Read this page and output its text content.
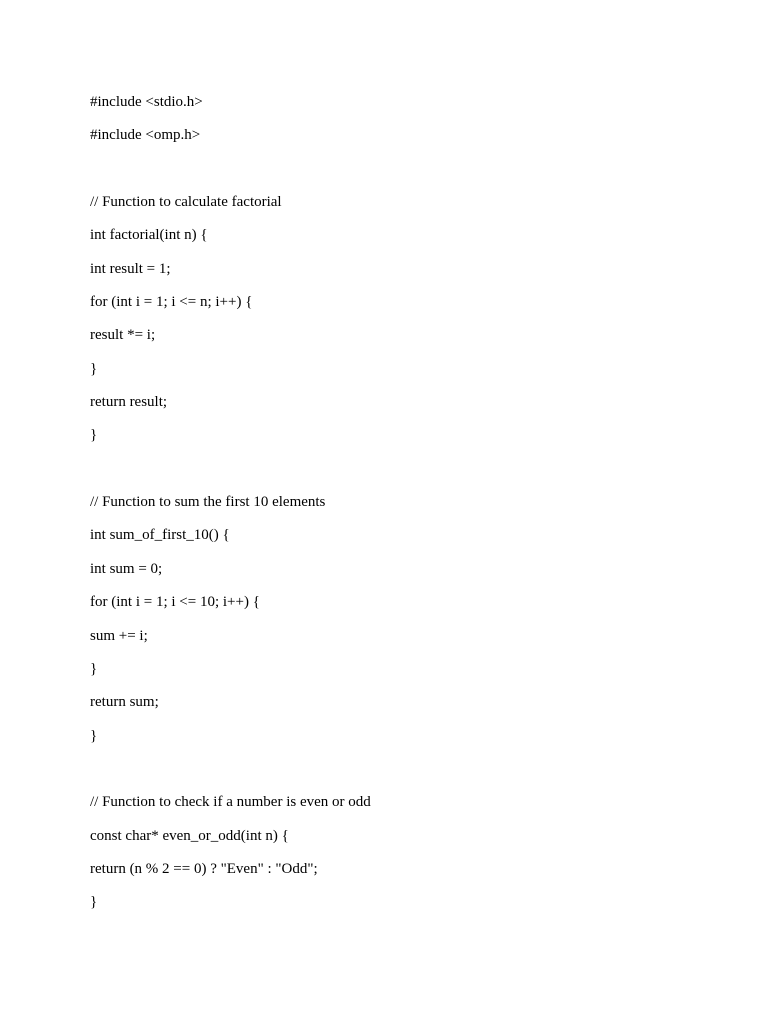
#include <stdio.h>
#include <omp.h>
// Function to calculate factorial
int factorial(int n) {
int result = 1;
for (int i = 1; i <= n; i++) {
result *= i;
}
return result;
}
// Function to sum the first 10 elements
int sum_of_first_10() {
int sum = 0;
for (int i = 1; i <= 10; i++) {
sum += i;
}
return sum;
}
// Function to check if a number is even or odd
const char* even_or_odd(int n) {
return (n % 2 == 0) ? "Even" : "Odd";
}
